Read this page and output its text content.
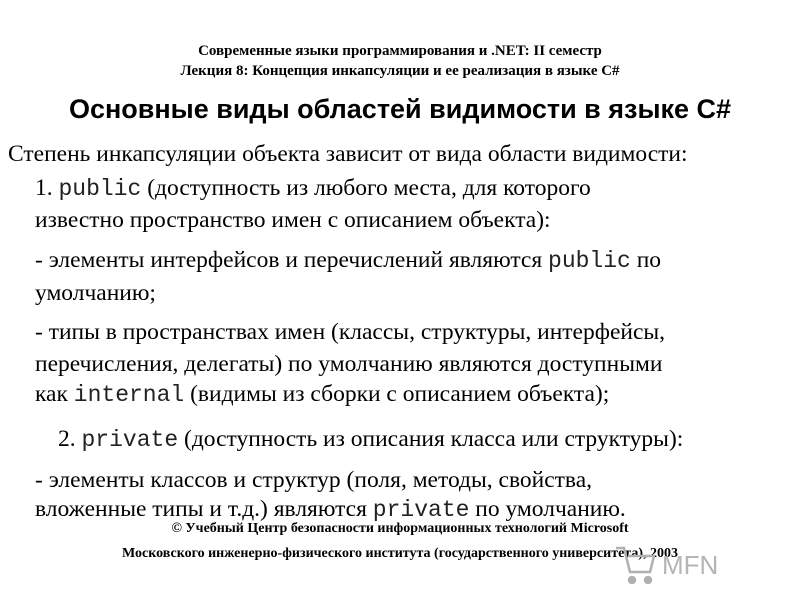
Современные языки программирования и .NET: II семестр
Лекция 8: Концепция инкапсуляции и ее реализация в языке C#
Основные виды областей видимости в языке C#
Степень инкапсуляции объекта зависит от вида области видимости:
1. public (доступность из любого места, для которого
известно пространство имен с описанием объекта):
- элементы интерфейсов и перечислений являются public по
умолчанию;
- типы в пространствах имен (классы, структуры, интерфейсы,
перечисления, делегаты) по умолчанию являются доступными
как internal (видимы из сборки с описанием объекта);
2. private (доступность из описания класса или структуры):
- элементы классов и структур (поля, методы, свойства,
вложенные типы и т.д.) являются private по умолчанию.
© Учебный Центр безопасности информационных технологий Microsoft
Московского инженерно-физического института (государственного университета), 2003
MFN
